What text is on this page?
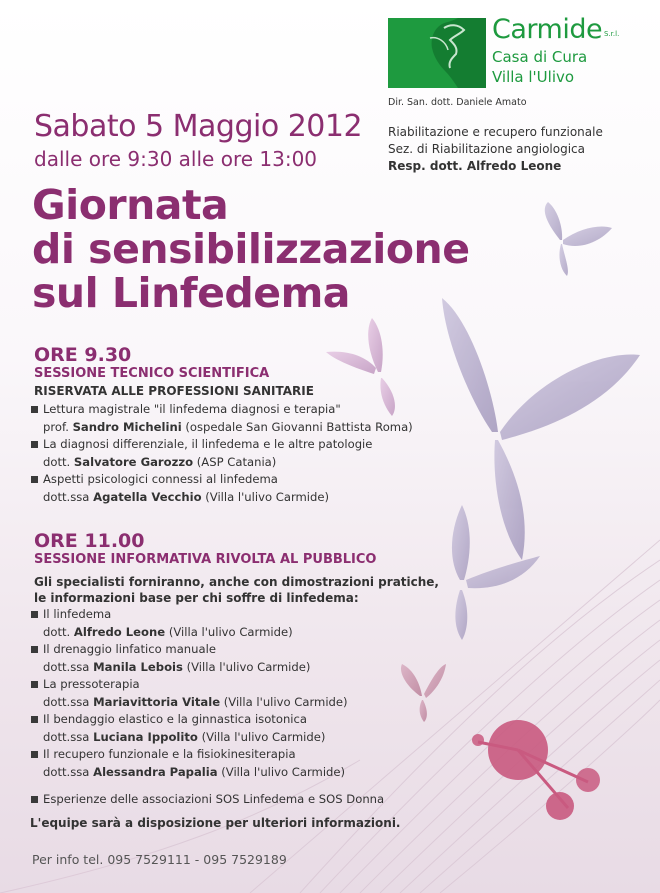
Carmide S.r.l.
Casa di Cura
Villa l'Ulivo
Dir. San. dott. Daniele Amato
Riabilitazione e recupero funzionale
Sez. di Riabilitazione angiologica
Resp. dott. Alfredo Leone
Sabato 5 Maggio 2012
dalle ore 9:30 alle ore 13:00
Giornata
di sensibilizzazione
sul Linfedema
ORE 9.30
SESSIONE TECNICO SCIENTIFICA
RISERVATA ALLE PROFESSIONI SANITARIE
Lettura magistrale "il linfedema diagnosi e terapia"
prof. Sandro Michelini (ospedale San Giovanni Battista Roma)
La diagnosi differenziale, il linfedema e le altre patologie
dott. Salvatore Garozzo (ASP Catania)
Aspetti psicologici connessi al linfedema
dott.ssa Agatella Vecchio (Villa l'ulivo Carmide)
ORE 11.00
SESSIONE INFORMATIVA RIVOLTA AL PUBBLICO
Gli specialisti forniranno, anche con dimostrazioni pratiche,
le informazioni base per chi soffre di linfedema:
Il linfedema
dott. Alfredo Leone (Villa l'ulivo Carmide)
Il drenaggio linfatico manuale
dott.ssa Manila Lebois (Villa l'ulivo Carmide)
La pressoterapia
dott.ssa Mariavittoria Vitale (Villa l'ulivo Carmide)
Il bendaggio elastico e la ginnastica isotonica
dott.ssa Luciana Ippolito (Villa l'ulivo Carmide)
Il recupero funzionale e la fisiokinesiterapia
dott.ssa Alessandra Papalia (Villa l'ulivo Carmide)
Esperienze delle associazioni SOS Linfedema e SOS Donna
L'equipe sarà a disposizione per ulteriori informazioni.
Per info tel. 095 7529111 - 095 7529189
